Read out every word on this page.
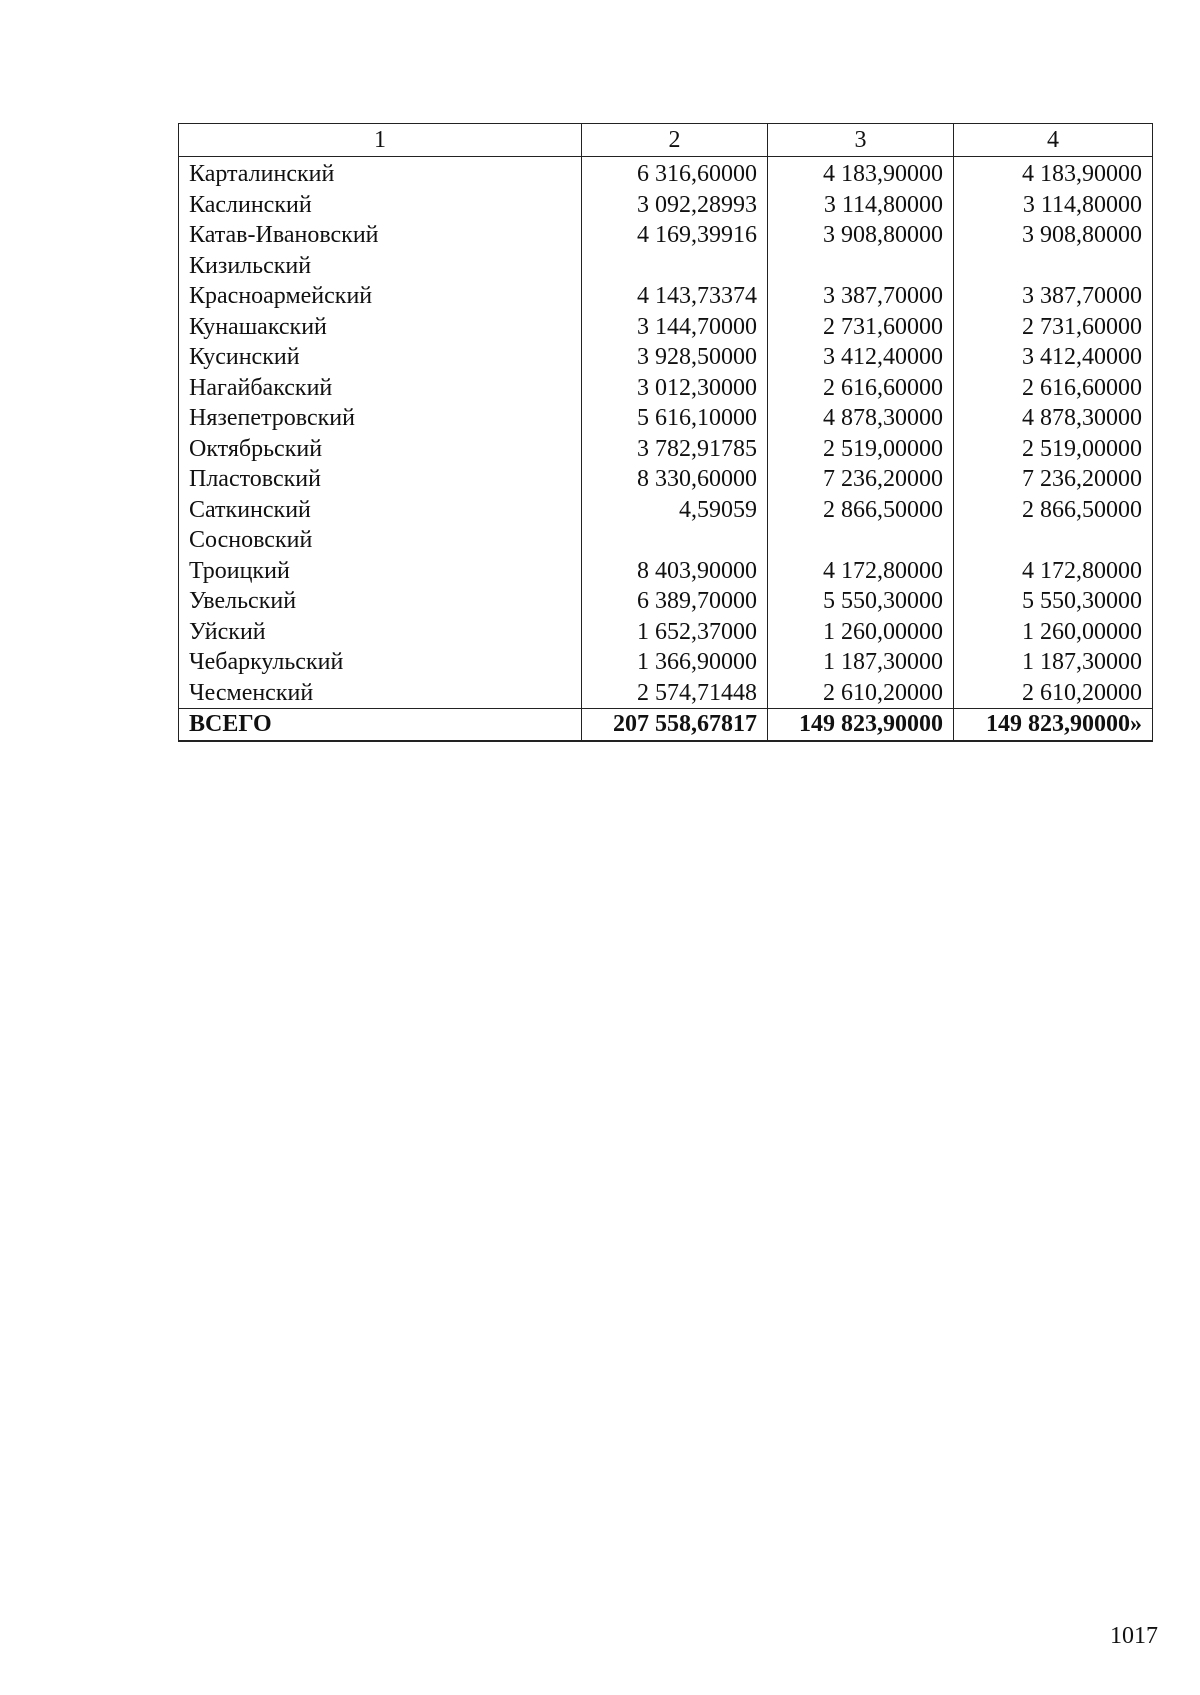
1	2	3	4
Карталинский	6 316,60000	4 183,90000	4 183,90000
Каслинский	3 092,28993	3 114,80000	3 114,80000
Катав-Ивановский	4 169,39916	3 908,80000	3 908,80000
Кизильский			
Красноармейский	4 143,73374	3 387,70000	3 387,70000
Кунашакский	3 144,70000	2 731,60000	2 731,60000
Кусинский	3 928,50000	3 412,40000	3 412,40000
Нагайбакский	3 012,30000	2 616,60000	2 616,60000
Нязепетровский	5 616,10000	4 878,30000	4 878,30000
Октябрьский	3 782,91785	2 519,00000	2 519,00000
Пластовский	8 330,60000	7 236,20000	7 236,20000
Саткинский	4,59059	2 866,50000	2 866,50000
Сосновский			
Троицкий	8 403,90000	4 172,80000	4 172,80000
Увельский	6 389,70000	5 550,30000	5 550,30000
Уйский	1 652,37000	1 260,00000	1 260,00000
Чебаркульский	1 366,90000	1 187,30000	1 187,30000
Чесменский	2 574,71448	2 610,20000	2 610,20000
ВСЕГО	207 558,67817	149 823,90000	149 823,90000»
1017
